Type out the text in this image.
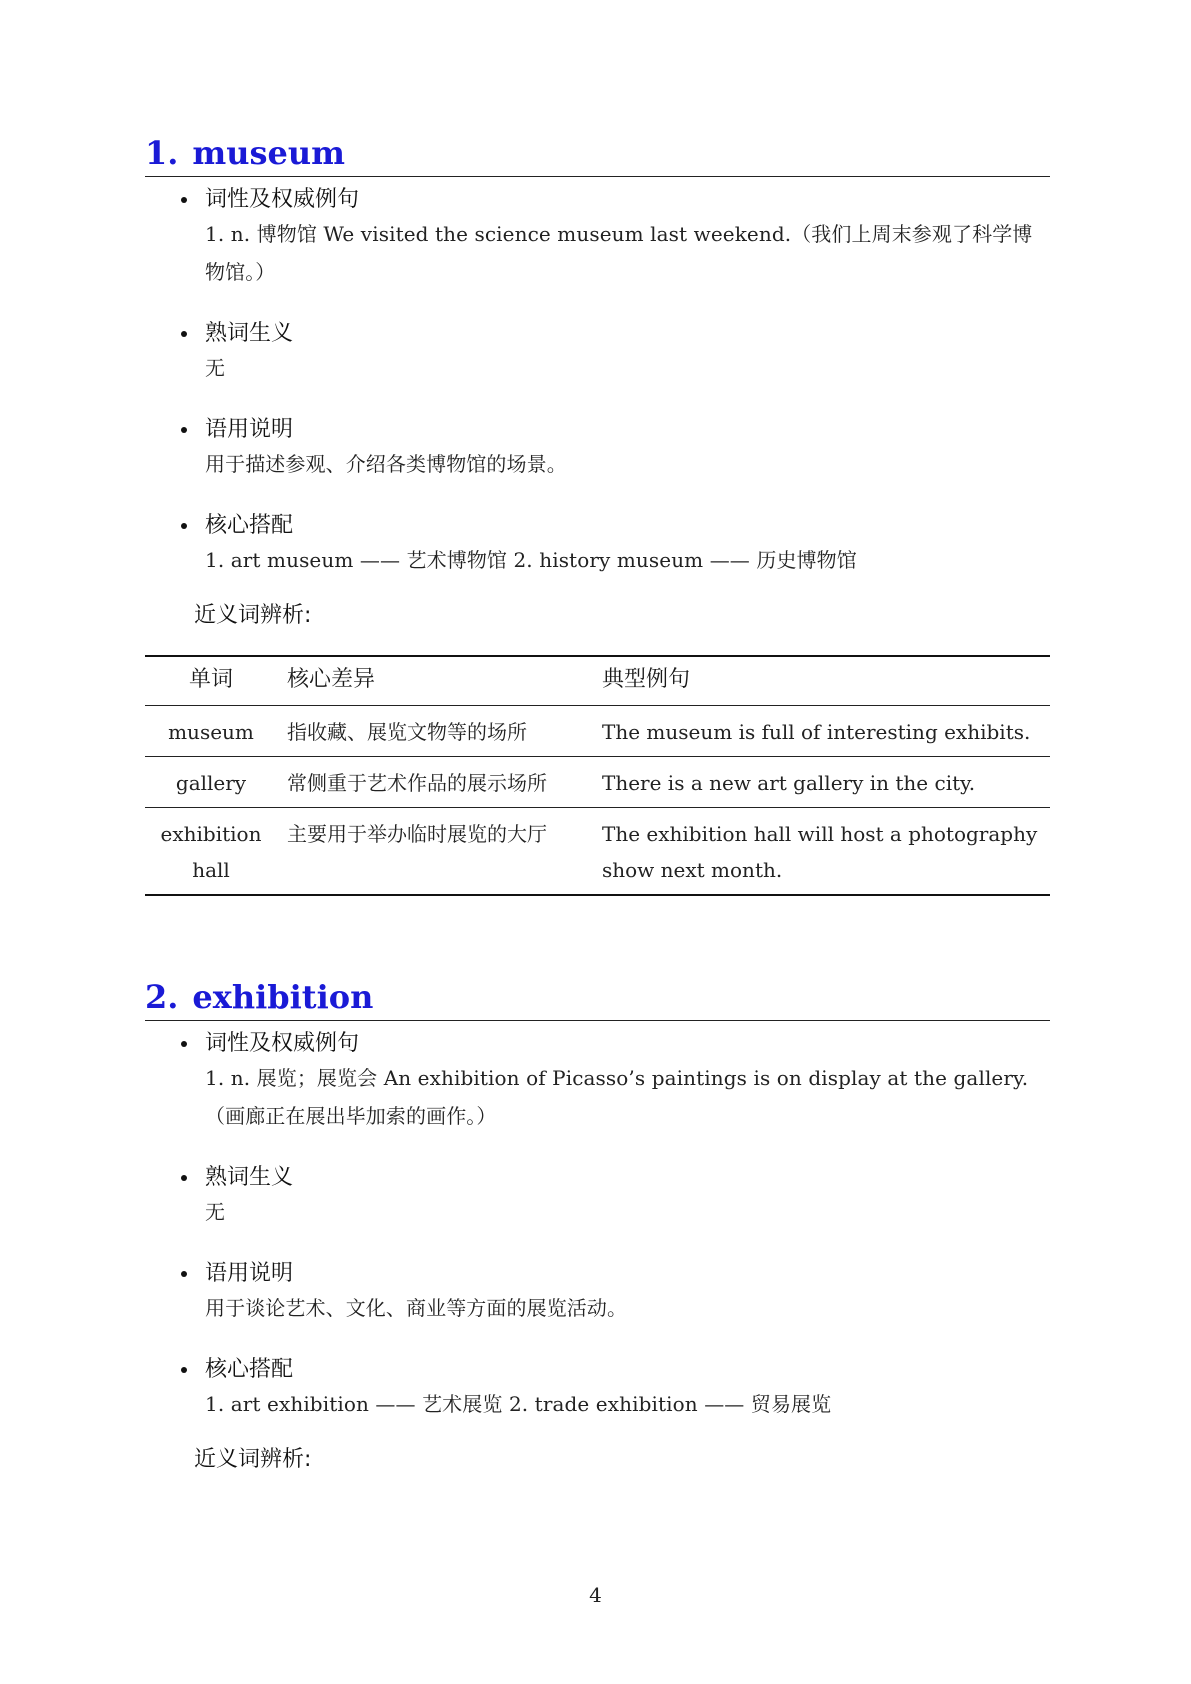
1. museum
词性及权威例句
1. n. 博物馆 We visited the science museum last weekend.（我们上周末参观了科学博物馆。）
熟词生义
无
语用说明
用于描述参观、介绍各类博物馆的场景。
核心搭配
1. art museum —— 艺术博物馆 2. history museum —— 历史博物馆
近义词辨析:
单词	核心差异	典型例句
museum	指收藏、展览文物等的场所	The museum is full of interesting exhibits.
gallery	常侧重于艺术作品的展示场所	There is a new art gallery in the city.
exhibition hall	主要用于举办临时展览的大厅	The exhibition hall will host a photography show next month.
2. exhibition
词性及权威例句
1. n. 展览；展览会 An exhibition of Picasso’s paintings is on display at the gallery.（画廊正在展出毕加索的画作。）
熟词生义
无
语用说明
用于谈论艺术、文化、商业等方面的展览活动。
核心搭配
1. art exhibition —— 艺术展览 2. trade exhibition —— 贸易展览
近义词辨析:
4
